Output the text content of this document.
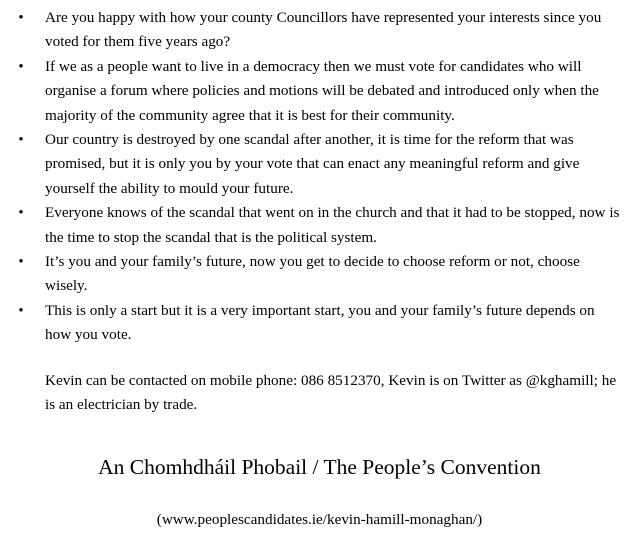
• Are you happy with how your county Councillors have represented your interests since you voted for them five years ago?
• If we as a people want to live in a democracy then we must vote for candidates who will organise a forum where policies and motions will be debated and introduced only when the majority of the community agree that it is best for their community.
• Our country is destroyed by one scandal after another, it is time for the reform that was promised, but it is only you by your vote that can enact any meaningful reform and give yourself the ability to mould your future.
• Everyone knows of the scandal that went on in the church and that it had to be stopped, now is the time to stop the scandal that is the political system.
• It’s you and your family’s future, now you get to decide to choose reform or not, choose wisely.
• This is only a start but it is a very important start, you and your family’s future depends on how you vote.

Kevin can be contacted on mobile phone: 086 8512370, Kevin is on Twitter as @kghamill; he is an electrician by trade.

An Chomhdháil Phobail / The People’s Convention

(www.peoplescandidates.ie/kevin-hamill-monaghan/)
